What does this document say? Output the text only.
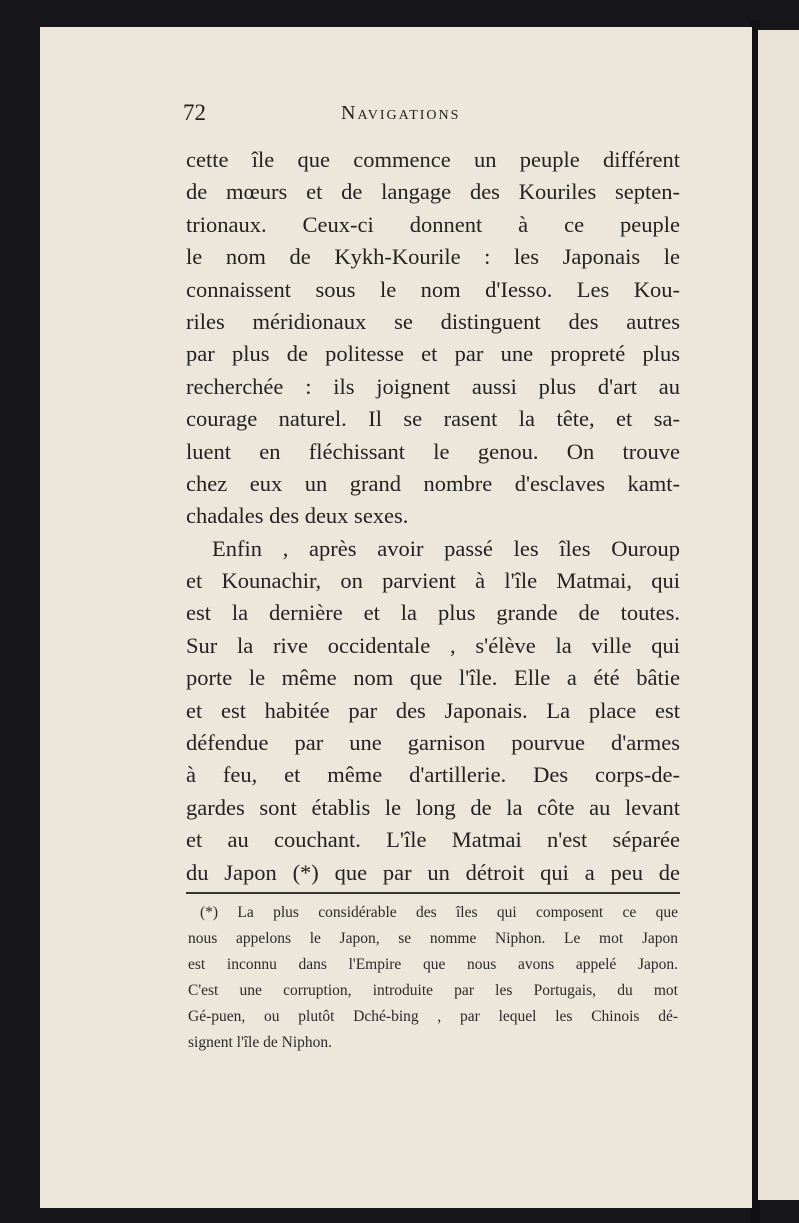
72	Navigations
cette île que commence un peuple différent
de mœurs et de langage des Kouriles septen-
trionaux. Ceux-ci donnent à ce peuple
le nom de Kykh-Kourile : les Japonais le
connaissent sous le nom d'Iesso. Les Kou-
riles méridionaux se distinguent des autres
par plus de politesse et par une propreté plus
recherchée : ils joignent aussi plus d'art au
courage naturel. Il se rasent la tête, et sa-
luent en fléchissant le genou. On trouve
chez eux un grand nombre d'esclaves kamt-
chadales des deux sexes.
Enfin , après avoir passé les îles Ouroup
et Kounachir, on parvient à l'île Matmai, qui
est la dernière et la plus grande de toutes.
Sur la rive occidentale , s'élève la ville qui
porte le même nom que l'île. Elle a été bâtie
et est habitée par des Japonais. La place est
défendue par une garnison pourvue d'armes
à feu, et même d'artillerie. Des corps-de-
gardes sont établis le long de la côte au levant
et au couchant. L'île Matmai n'est séparée
du Japon (*) que par un détroit qui a peu de
(*) La plus considérable des îles qui composent ce que
nous appelons le Japon, se nomme Niphon. Le mot Japon
est inconnu dans l'Empire que nous avons appelé Japon.
C'est une corruption, introduite par les Portugais, du mot
Gé-puen, ou plutôt Dché-bing , par lequel les Chinois dé-
signent l'île de Niphon.
